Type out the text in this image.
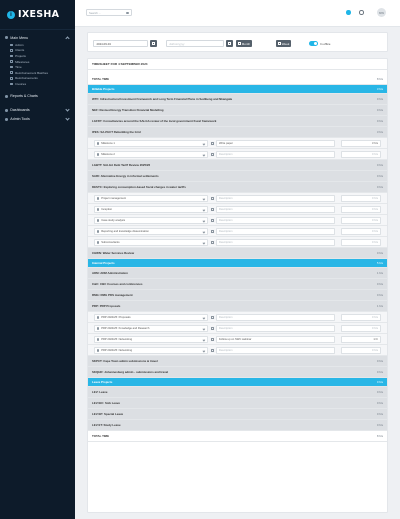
i IXESHA
Main Menu
Admin
Clients
Projects
Milestones
Time
Reimbursement Batches
Reimbursements
Invoices
Reports & Charts
Dashboards
Admin Tools
Search ...	MW
2024-09-04	dd/mm/yyyy	Month	Week	In office
TIMESHEET FOR 4 SEPTEMBER 2024
TOTAL TIME	8 hrs
Billable Projects	3 hrs
WTF: Infrastructural Investment Framework and Long Term Financial Plans in Sedibeng and Nkangala	0 hrs
NEF: Revised Energy Transition Financial Modelling	0 hrs
LGFFP: Consultancies around the SALGA review of the local government fiscal framework	0 hrs
IPES: SA-PACT Rebuilding the Grid	3 hrs
Milestone 1	Write paper	3 hrs
Milestone 2	Description	0 hrs
LGBTT: SALGA Debt Tariff Review 2025/26	0 hrs
SARI: Alternative Energy in informal settlements	0 hrs
DESTC: Exploring consumption-based fiscal charges in water tariffs	0 hrs
Project management	Description	0 hrs
Inception	Description	0 hrs
Case study analysis	Description	0 hrs
Reporting and knowledge dissemination	Description	0 hrs
Subconsultants	Description	0 hrs
CHWN: Water Services Review	0 hrs
Internal Projects	5 hrs
ADM: ADM Administration	1 hrs
C&C: CBC Courses and conferences	0 hrs
RMG: RMG PDS management	0 hrs
PRP: PRP Proposals	1 hrs
PRP 2024/25: Proposals	Description	0 hrs
PRP 2024/25: Knowledge and Research	Description	0 hrs
PRP 2024/25: Networking	Follow up on SWC webinar	1 hr
PRP 2024/25: Networking	Description	0 hrs
SKPCT: Cape Town admin submissions & travel	0 hrs
SKQHR: Johannesburg admin - submissions and travel	0 hrs
Leave Projects	0 hrs
LEV: Leave	0 hrs
LEV-SIC: Sick Leave	0 hrs
LEV-SP: Special Leave	0 hrs
LEV-ST: Study Leave	0 hrs
TOTAL TIME	8 hrs
